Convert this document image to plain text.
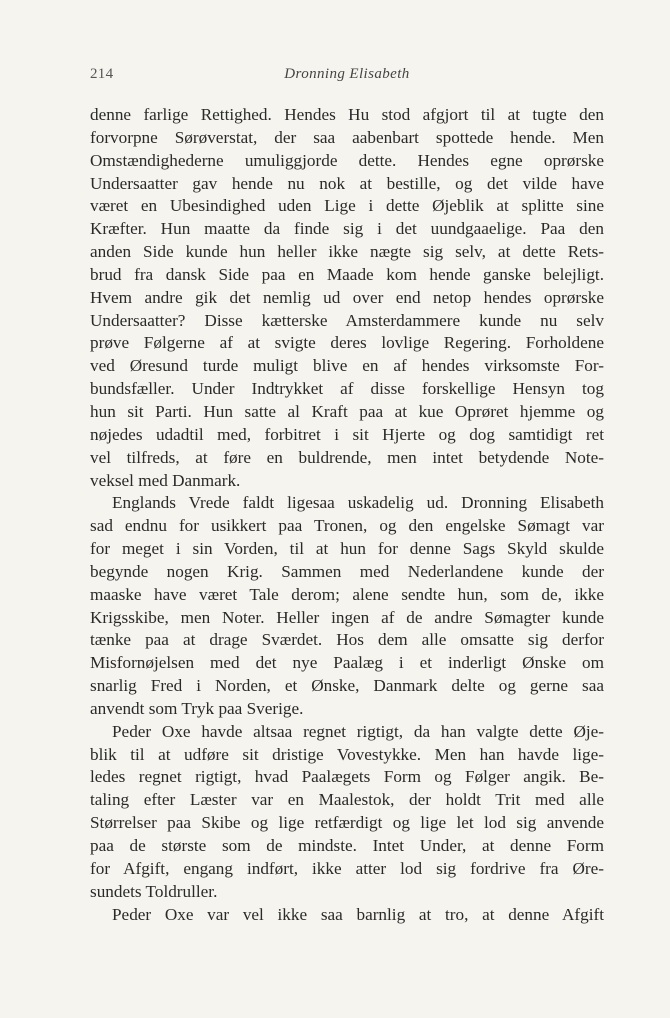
214	Dronning Elisabeth
denne farlige Rettighed. Hendes Hu stod afgjort til at tugte den
forvorpne Sørøverstat, der saa aabenbart spottede hende. Men
Omstændighederne umuliggjorde dette. Hendes egne oprørske
Undersaatter gav hende nu nok at bestille, og det vilde have
været en Ubesindighed uden Lige i dette Øjeblik at splitte sine
Kræfter. Hun maatte da finde sig i det uundgaaelige. Paa den
anden Side kunde hun heller ikke nægte sig selv, at dette Rets-
brud fra dansk Side paa en Maade kom hende ganske belejligt.
Hvem andre gik det nemlig ud over end netop hendes oprørske
Undersaatter? Disse kætterske Amsterdammere kunde nu selv
prøve Følgerne af at svigte deres lovlige Regering. Forholdene
ved Øresund turde muligt blive en af hendes virksomste For-
bundsfæller. Under Indtrykket af disse forskellige Hensyn tog
hun sit Parti. Hun satte al Kraft paa at kue Oprøret hjemme og
nøjedes udadtil med, forbitret i sit Hjerte og dog samtidigt ret
vel tilfreds, at føre en buldrende, men intet betydende Note-
veksel med Danmark.
Englands Vrede faldt ligesaa uskadelig ud. Dronning Elisabeth
sad endnu for usikkert paa Tronen, og den engelske Sømagt var
for meget i sin Vorden, til at hun for denne Sags Skyld skulde
begynde nogen Krig. Sammen med Nederlandene kunde der
maaske have været Tale derom; alene sendte hun, som de, ikke
Krigsskibe, men Noter. Heller ingen af de andre Sømagter kunde
tænke paa at drage Sværdet. Hos dem alle omsatte sig derfor
Misfornøjelsen med det nye Paalæg i et inderligt Ønske om
snarlig Fred i Norden, et Ønske, Danmark delte og gerne saa
anvendt som Tryk paa Sverige.
Peder Oxe havde altsaa regnet rigtigt, da han valgte dette Øje-
blik til at udføre sit dristige Vovestykke. Men han havde lige-
ledes regnet rigtigt, hvad Paalægets Form og Følger angik. Be-
taling efter Læster var en Maalestok, der holdt Trit med alle
Størrelser paa Skibe og lige retfærdigt og lige let lod sig anvende
paa de største som de mindste. Intet Under, at denne Form
for Afgift, engang indført, ikke atter lod sig fordrive fra Øre-
sundets Toldruller.
Peder Oxe var vel ikke saa barnlig at tro, at denne Afgift
